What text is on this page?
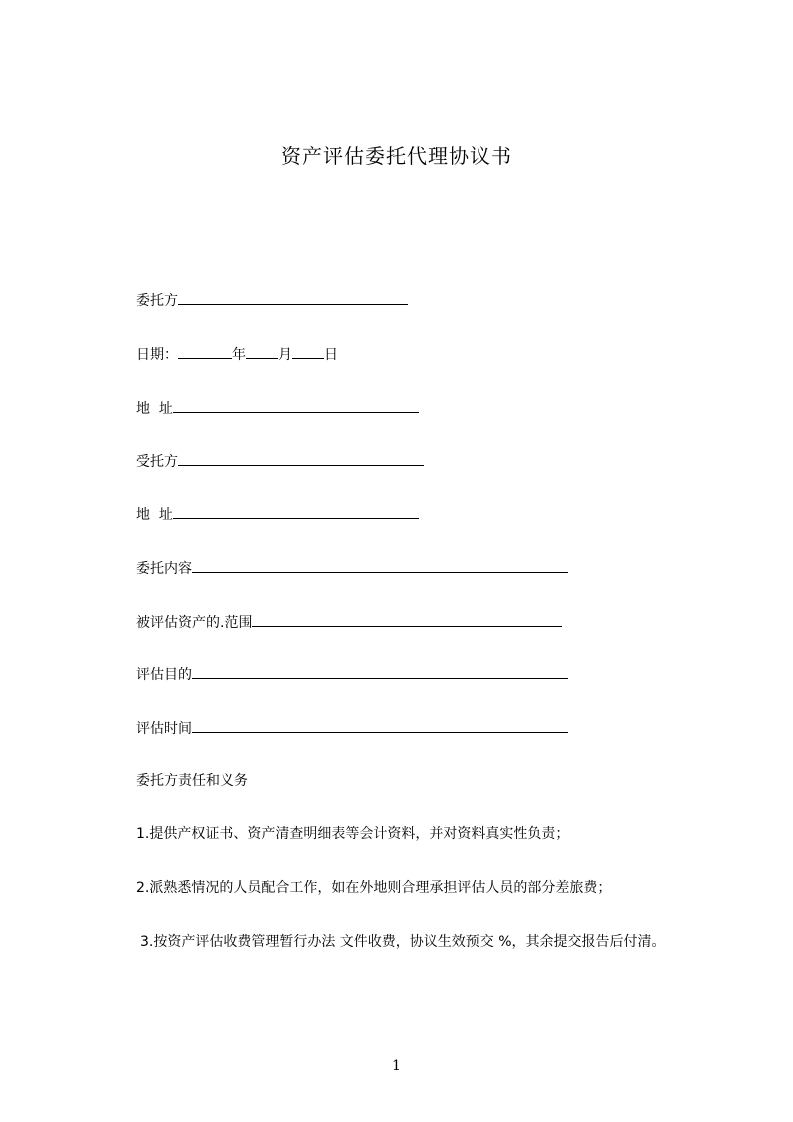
资产评估委托代理协议书

委托方

日期：	年 月 日

地  址

受托方

地  址

委托内容

被评估资产的.范围

评估目的

评估时间

委托方责任和义务

1.提供产权证书、资产清查明细表等会计资料，并对资料真实性负责；

2.派熟悉情况的人员配合工作，如在外地则合理承担评估人员的部分差旅费；

3.按资产评估收费管理暂行办法 文件收费，协议生效预交 %，其余提交报告后付清。

1
